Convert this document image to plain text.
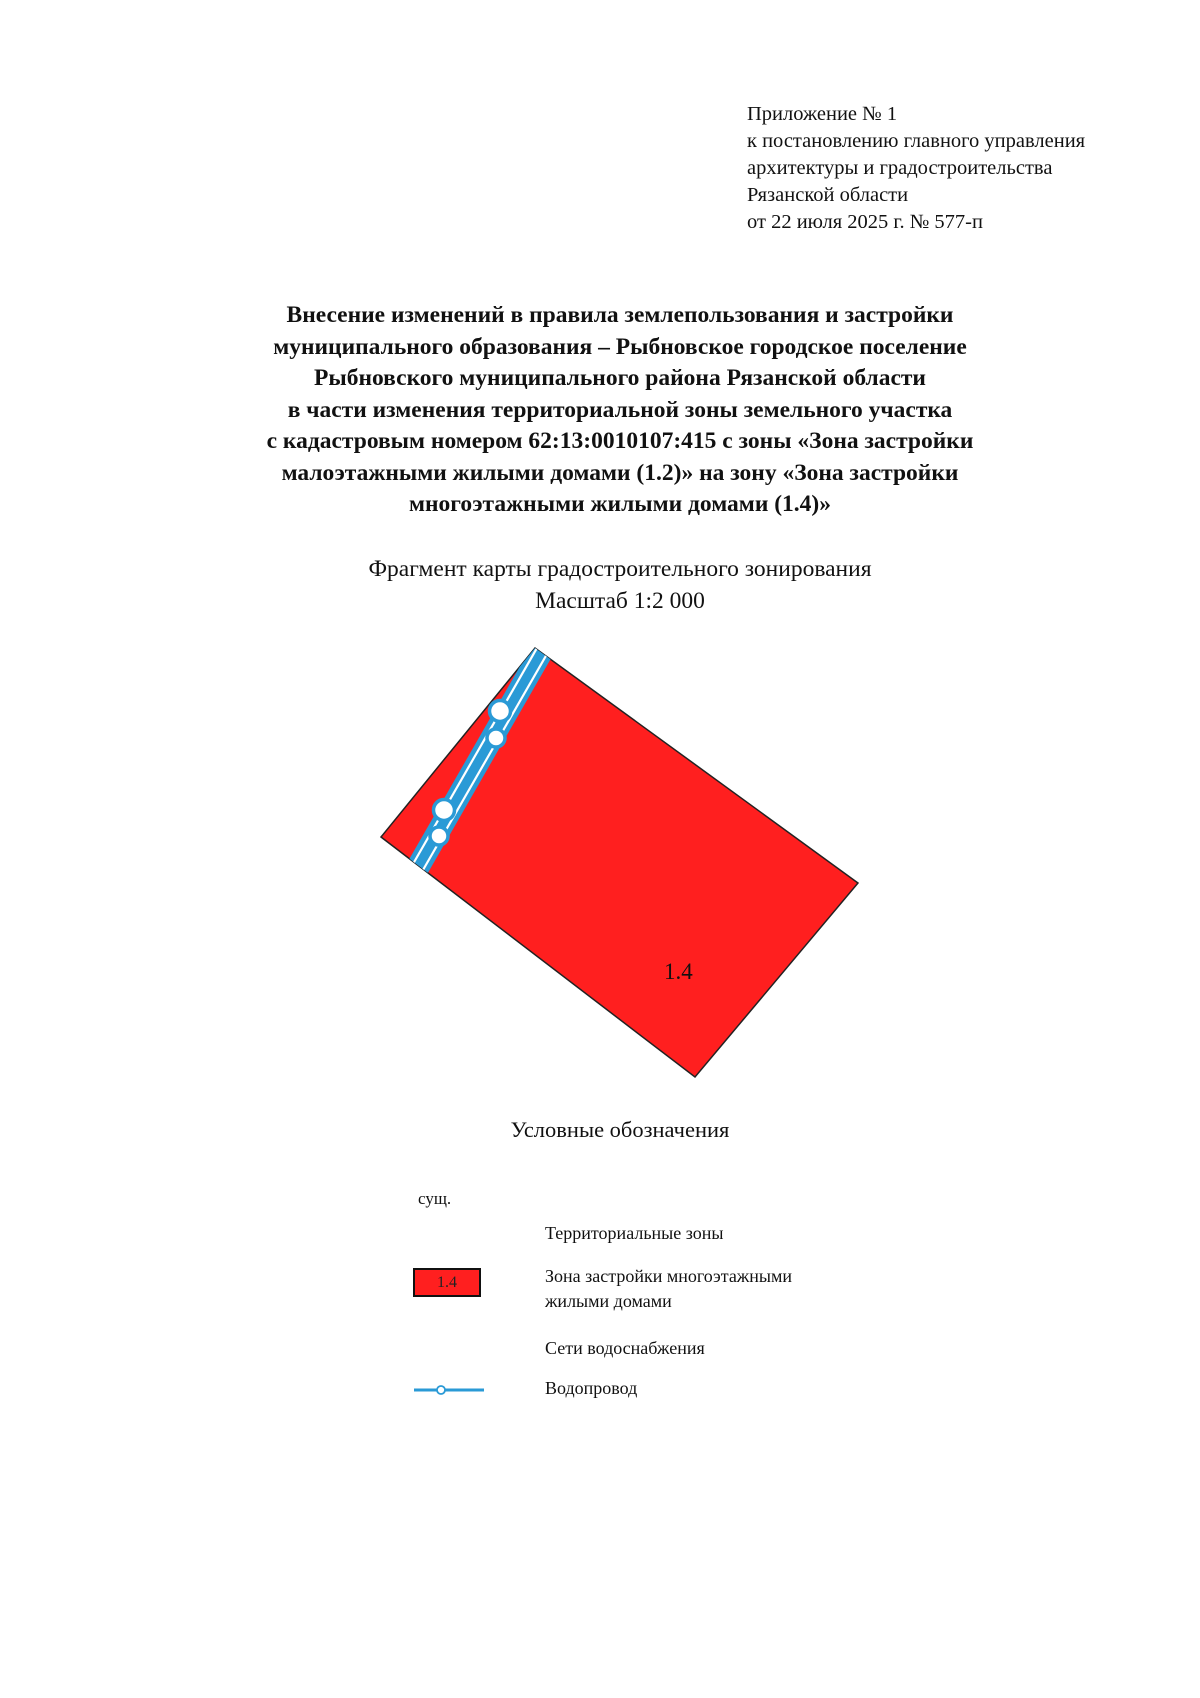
Приложение № 1
к постановлению главного управления
архитектуры и градостроительства
Рязанской области
от 22 июля 2025 г. № 577-п
Внесение изменений в правила землепользования и застройки
муниципального образования – Рыбновское городское поселение
Рыбновского муниципального района Рязанской области
в части изменения территориальной зоны земельного участка
с кадастровым номером 62:13:0010107:415 с зоны «Зона застройки
малоэтажными жилыми домами (1.2)» на зону «Зона застройки
многоэтажными жилыми домами (1.4)»
Фрагмент карты градостроительного зонирования
Масштаб 1:2 000
1.4
Условные обозначения
сущ.
Территориальные зоны
1.4	Зона застройки многоэтажными
жилыми домами
Сети водоснабжения
Водопровод
